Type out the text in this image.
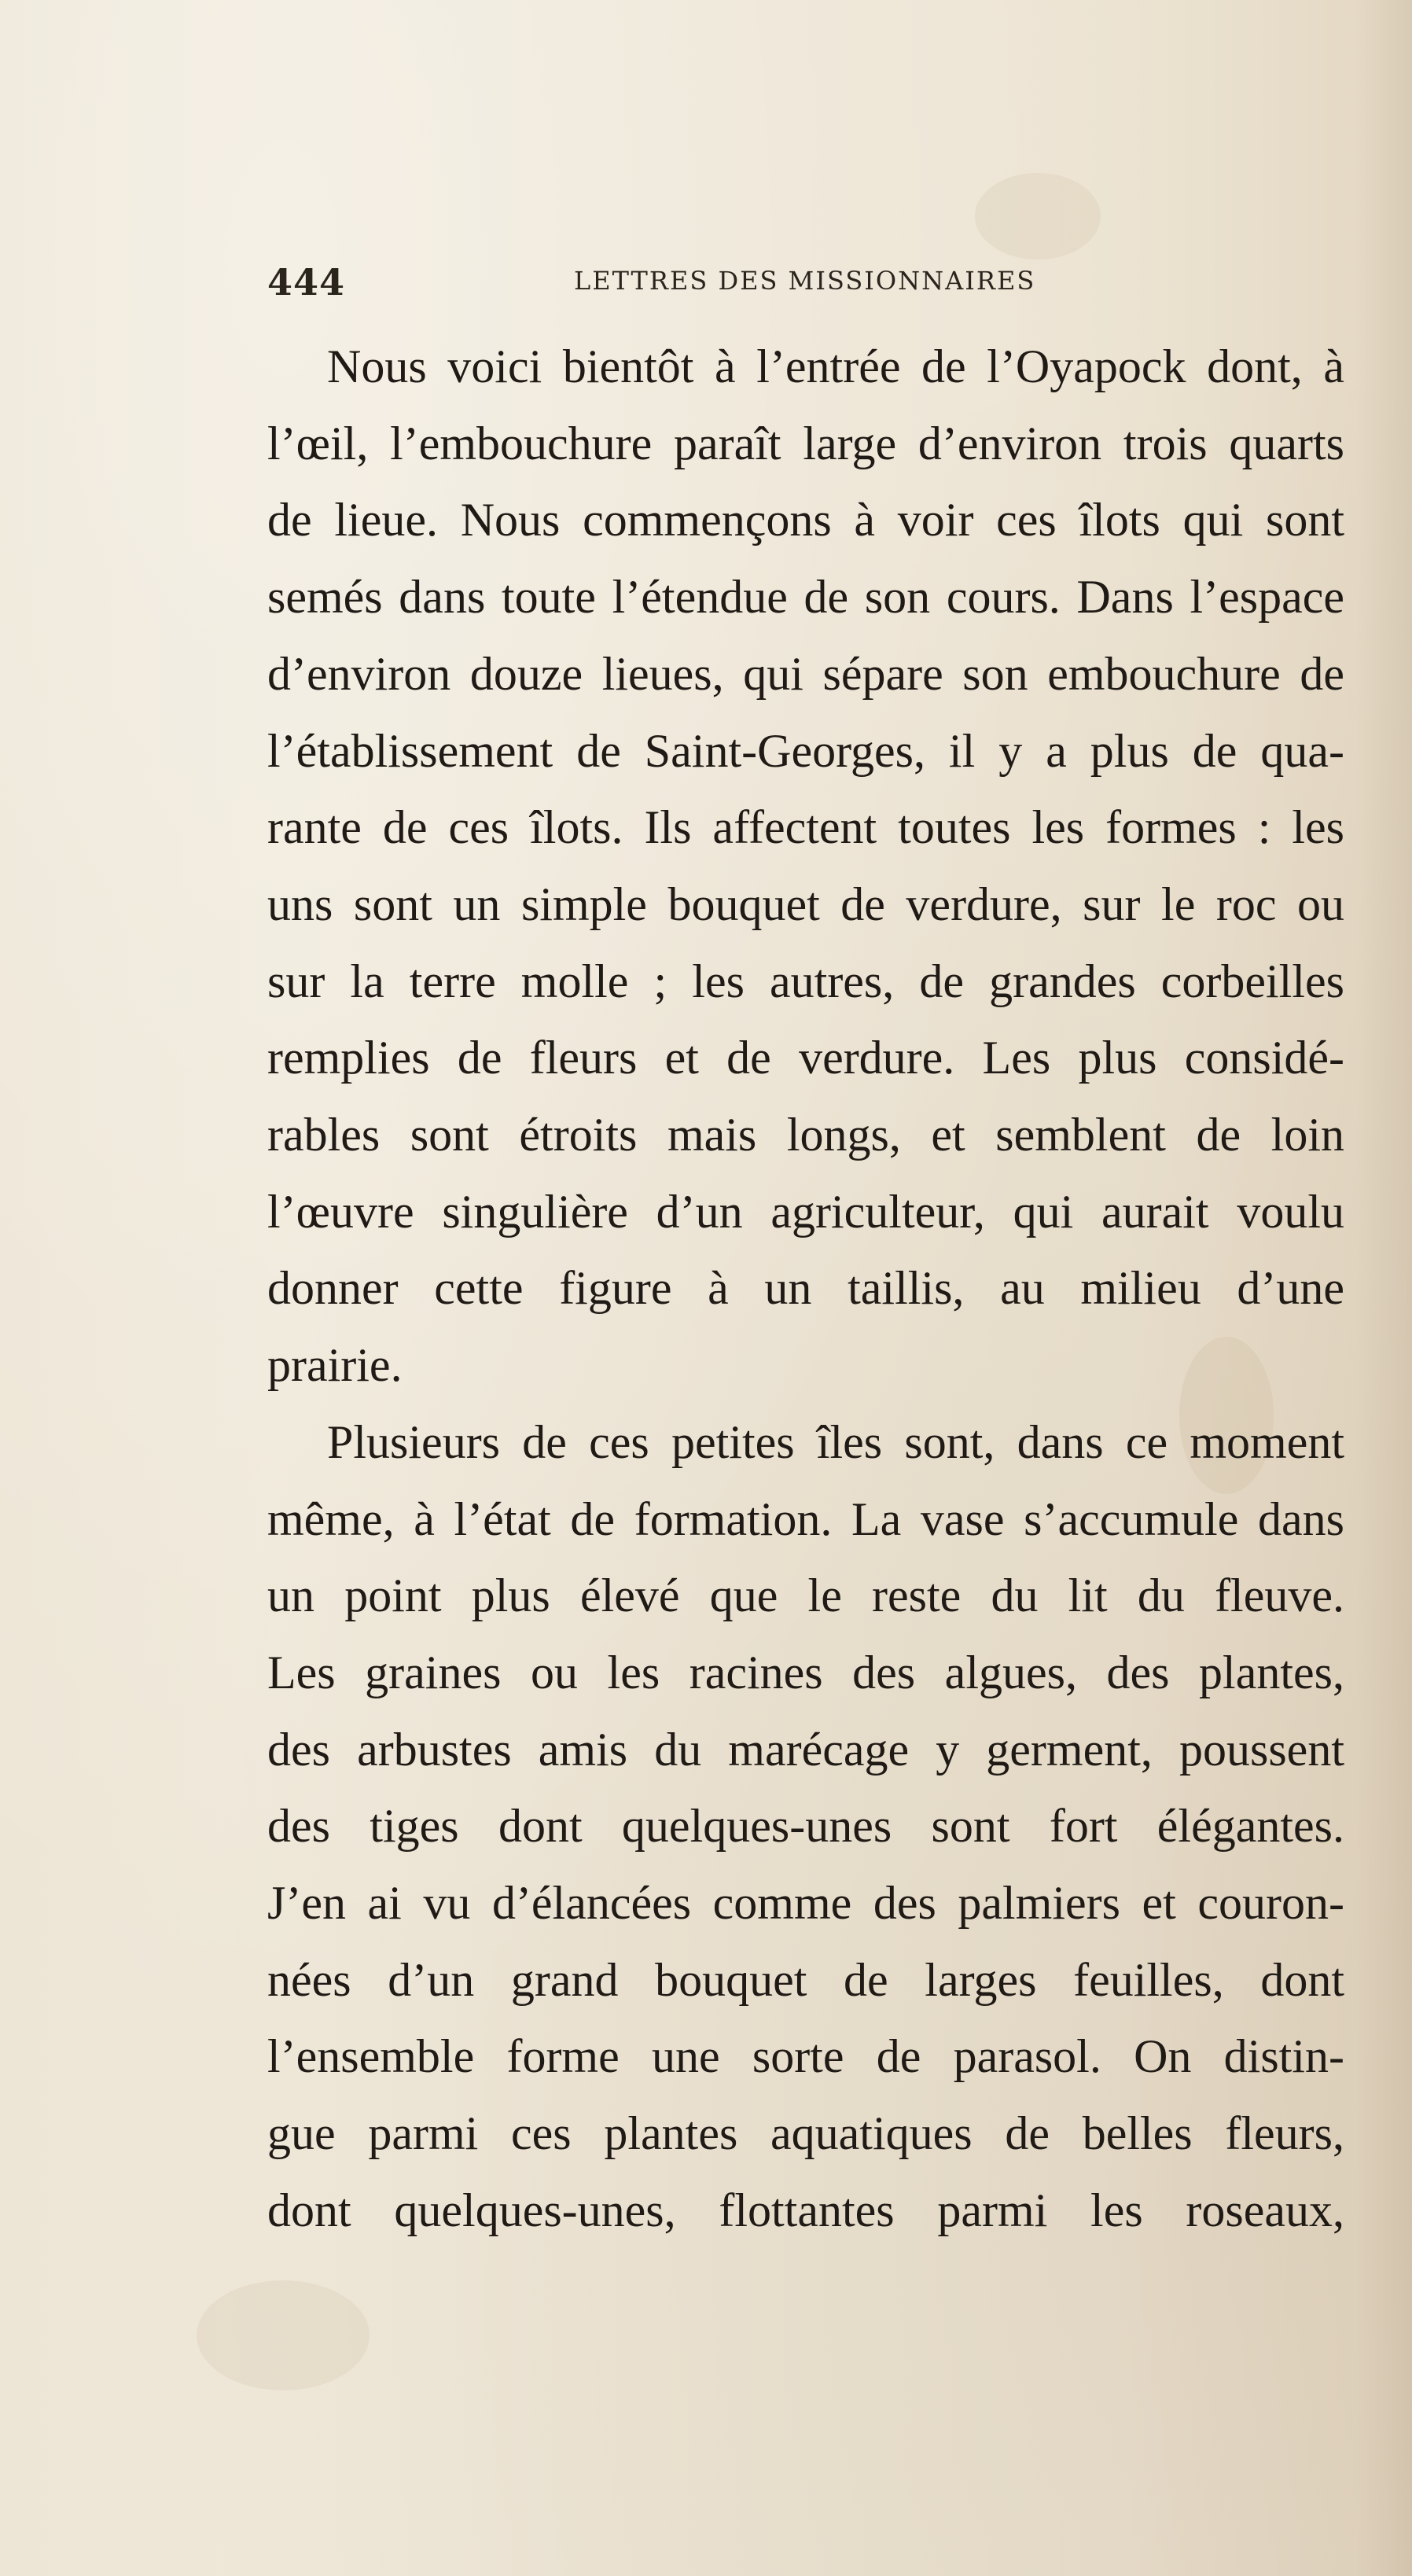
444	LETTRES DES MISSIONNAIRES

Nous voici bientôt à l’entrée de l’Oyapock dont, à
l’œil, l’embouchure paraît large d’environ trois quarts
de lieue. Nous commençons à voir ces îlots qui sont
semés dans toute l’étendue de son cours. Dans l’espace
d’environ douze lieues, qui sépare son embouchure de
l’établissement de Saint-Georges, il y a plus de qua-
rante de ces îlots. Ils affectent toutes les formes : les
uns sont un simple bouquet de verdure, sur le roc ou
sur la terre molle ; les autres, de grandes corbeilles
remplies de fleurs et de verdure. Les plus considé-
rables sont étroits mais longs, et semblent de loin
l’œuvre singulière d’un agriculteur, qui aurait voulu
donner cette figure à un taillis, au milieu d’une
prairie.

Plusieurs de ces petites îles sont, dans ce moment
même, à l’état de formation. La vase s’accumule dans
un point plus élevé que le reste du lit du fleuve.
Les graines ou les racines des algues, des plantes,
des arbustes amis du marécage y germent, poussent
des tiges dont quelques-unes sont fort élégantes.
J’en ai vu d’élancées comme des palmiers et couron-
nées d’un grand bouquet de larges feuilles, dont
l’ensemble forme une sorte de parasol. On distin-
gue parmi ces plantes aquatiques de belles fleurs,
dont quelques-unes, flottantes parmi les roseaux,
